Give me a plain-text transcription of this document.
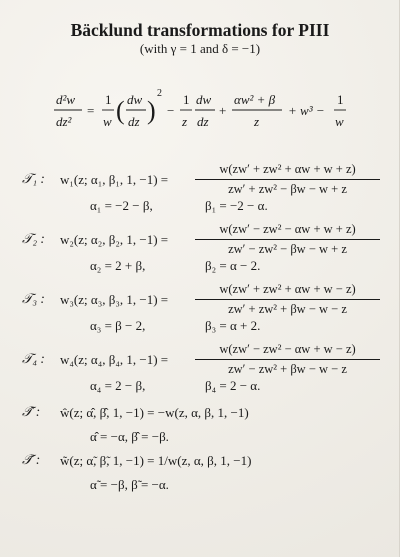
Bäcklund transformations for PIII
(with γ = 1 and δ = −1)
d²w
dz²
=
1
w ( dw
dz )
2
−
1
z
dw
dz
+
αw² + β
z
+ w³ −
1
w
𝒯₁ : w₁(z; α₁, β₁, 1, $-1) = \frac{\text{w(zw′ + zw² + αw + w + z)}}{\text{zw′ + zw² − βw − w + z}}$
α₁ = −2 − β,	β₁ = −2 − α.
𝒯₂ : w₂(z; α₂, β₂, 1, $-1) = \frac{\text{w(zw′ − zw² − αw + w + z)}}{\text{zw′ − zw² − βw − w + z}}$
α₂ = 2 + β,	β₂ = α − 2.
𝒯₃ : w₃(z; α₃, β₃, 1, $-1) = \frac{\text{w(zw′ + zw² + αw + w − z)}}{\text{zw′ + zw² + βw − w − z}}$
α₃ = β − 2,	β₃ = α + 2.
𝒯₄ : w₄(z; α₄, β₄, 1, $-1) = \frac{\text{w(zw′ − zw² − αw + w − z)}}{\text{zw′ − zw² + βw − w − z}}$
α₄ = 2 − β,	β₄ = 2 − α.
𝒯̂ : ŵ(z; α̂, β̂, 1, −1) = −w(z, α, β, 1, −1)
α̂ = −α, β̂ = −β.
𝒯̃ : w̃(z; α̃, β̃, 1, −1) = 1/w(z, α, β, 1, −1)
α̃ = −β, β̃ = −α.
